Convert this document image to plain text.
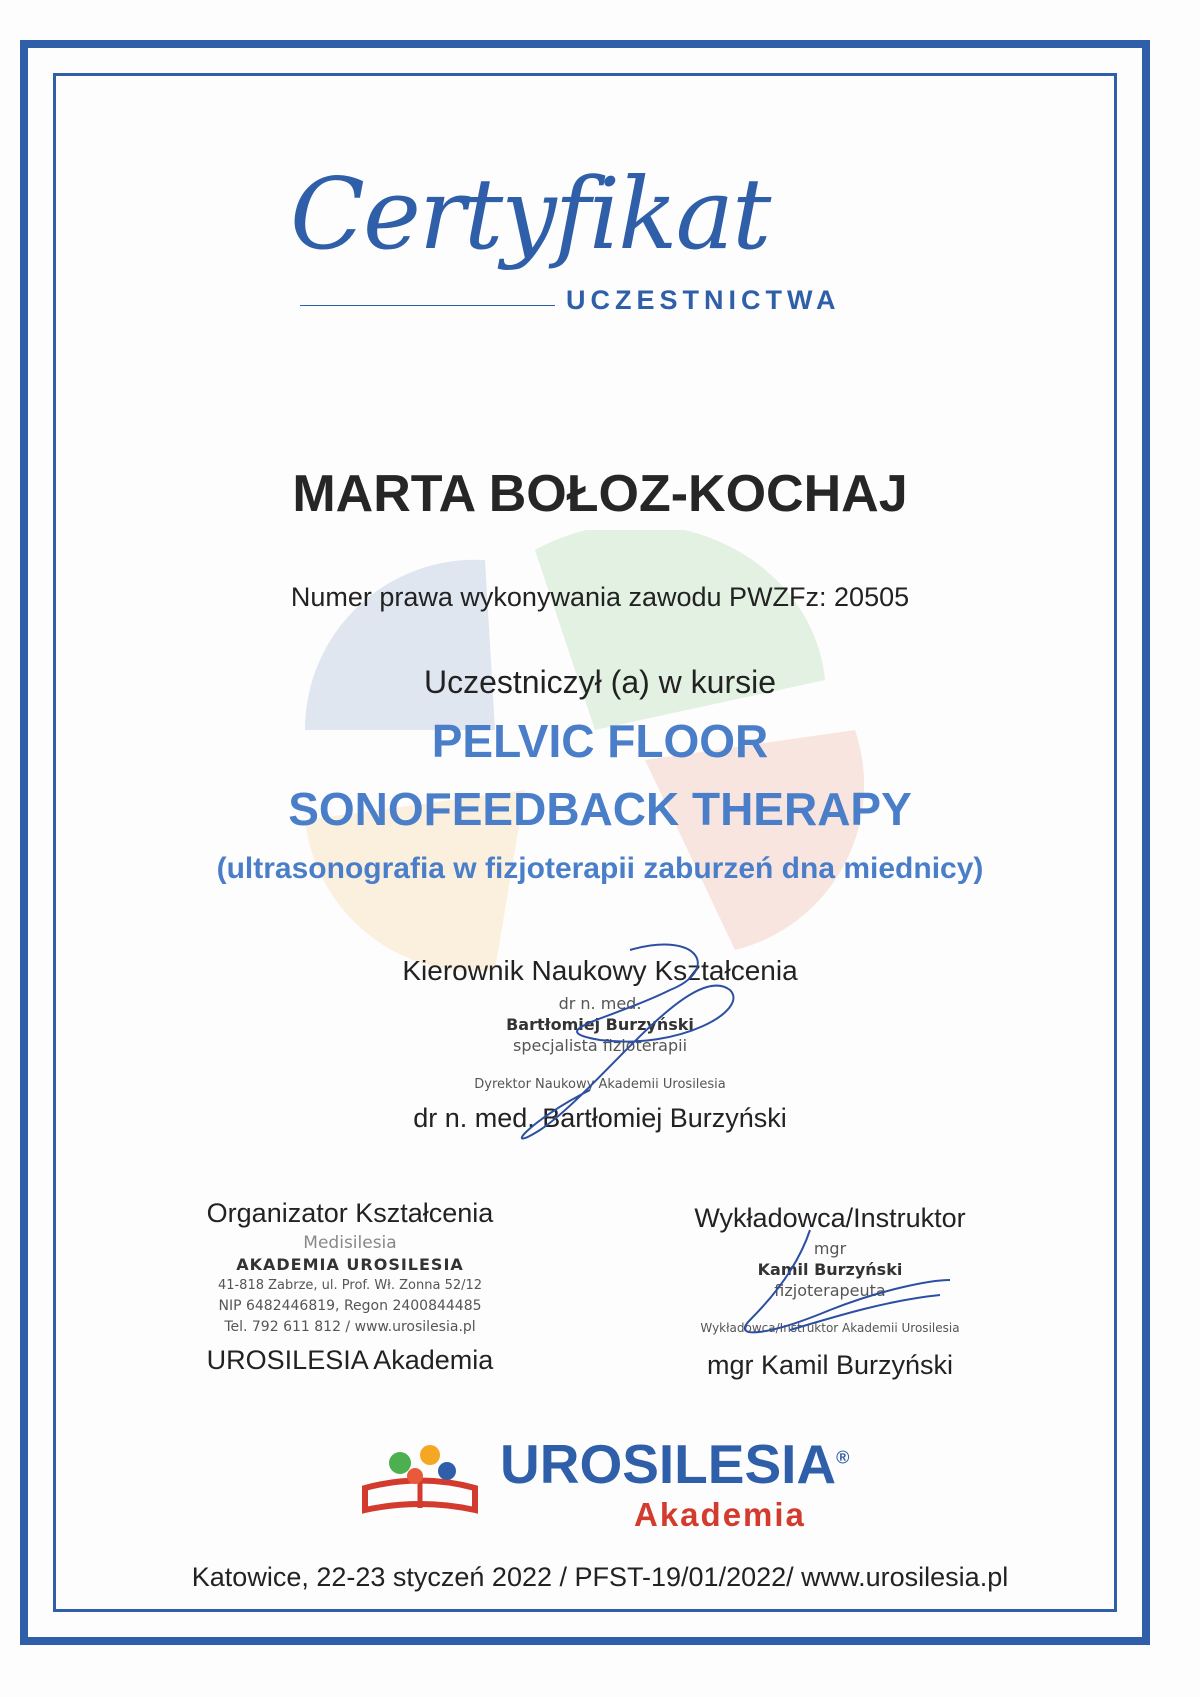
Certyfikat
UCZESTNICTWA
MARTA BOŁOZ-KOCHAJ
Numer prawa wykonywania zawodu PWZFz: 20505
Uczestniczył (a) w kursie
PELVIC FLOOR
SONOFEEDBACK THERAPY
(ultrasonografia w fizjoterapii zaburzeń dna miednicy)
Kierownik Naukowy Kształcenia
dr n. med.
Bartłomiej Burzyński
specjalista fizjoterapii
Dyrektor Naukowy Akademii Urosilesia
dr n. med. Bartłomiej Burzyński
Organizator Kształcenia
Medisilesia
AKADEMIA UROSILESIA
41-818 Zabrze, ul. Prof. Wł. Zonna 52/12
NIP 6482446819, Regon 2400844485
Tel. 792 611 812 / www.urosilesia.pl
UROSILESIA Akademia
Wykładowca/Instruktor
mgr
Kamil Burzyński
fizjoterapeuta
Wykładowca/Instruktor Akademii Urosilesia
mgr Kamil Burzyński
UROSILESIA®
Akademia
Katowice, 22-23 styczeń 2022 / PFST-19/01/2022/ www.urosilesia.pl
